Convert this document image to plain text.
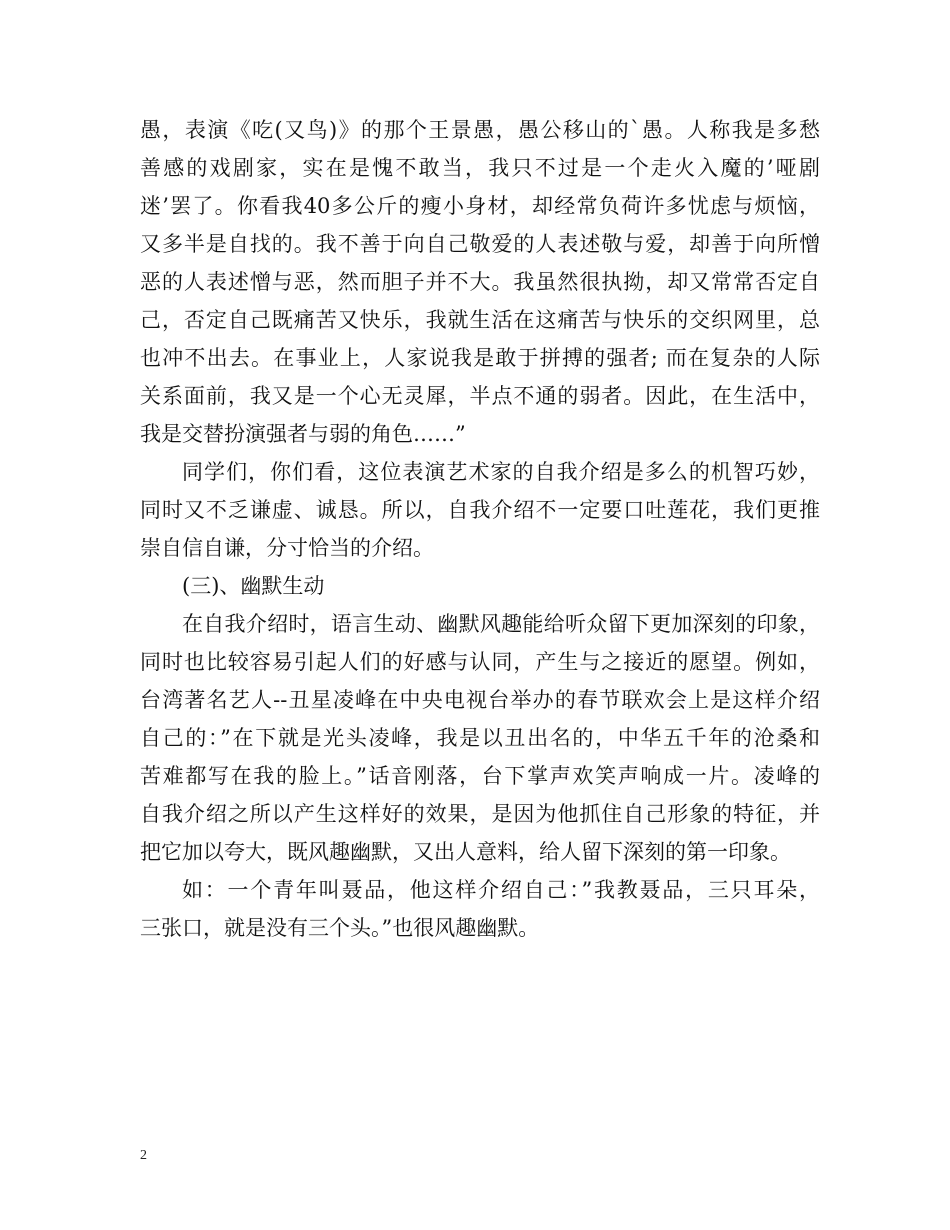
愚，表演《吃(又鸟)》的那个王景愚，愚公移山的`愚。人称我是多愁
善感的戏剧家，实在是愧不敢当，我只不过是一个走火入魔的’哑剧
迷’罢了。你看我40多公斤的瘦小身材，却经常负荷许多忧虑与烦恼，
又多半是自找的。我不善于向自己敬爱的人表述敬与爱，却善于向所憎
恶的人表述憎与恶，然而胆子并不大。我虽然很执拗，却又常常否定自
己，否定自己既痛苦又快乐，我就生活在这痛苦与快乐的交织网里，总
也冲不出去。在事业上，人家说我是敢于拼搏的强者; 而在复杂的人际
关系面前，我又是一个心无灵犀，半点不通的弱者。因此，在生活中，
我是交替扮演强者与弱的角色……”
同学们，你们看，这位表演艺术家的自我介绍是多么的机智巧妙，
同时又不乏谦虚、诚恳。所以，自我介绍不一定要口吐莲花，我们更推
崇自信自谦，分寸恰当的介绍。
(三)、幽默生动
在自我介绍时，语言生动、幽默风趣能给听众留下更加深刻的印象，
同时也比较容易引起人们的好感与认同，产生与之接近的愿望。例如，
台湾著名艺人--丑星凌峰在中央电视台举办的春节联欢会上是这样介绍
自己的：”在下就是光头凌峰，我是以丑出名的，中华五千年的沧桑和
苦难都写在我的脸上。”话音刚落，台下掌声欢笑声响成一片。凌峰的
自我介绍之所以产生这样好的效果，是因为他抓住自己形象的特征，并
把它加以夸大，既风趣幽默，又出人意料，给人留下深刻的第一印象。
如：一个青年叫聂品，他这样介绍自己：”我教聂品，三只耳朵，
三张口，就是没有三个头。”也很风趣幽默。
2
